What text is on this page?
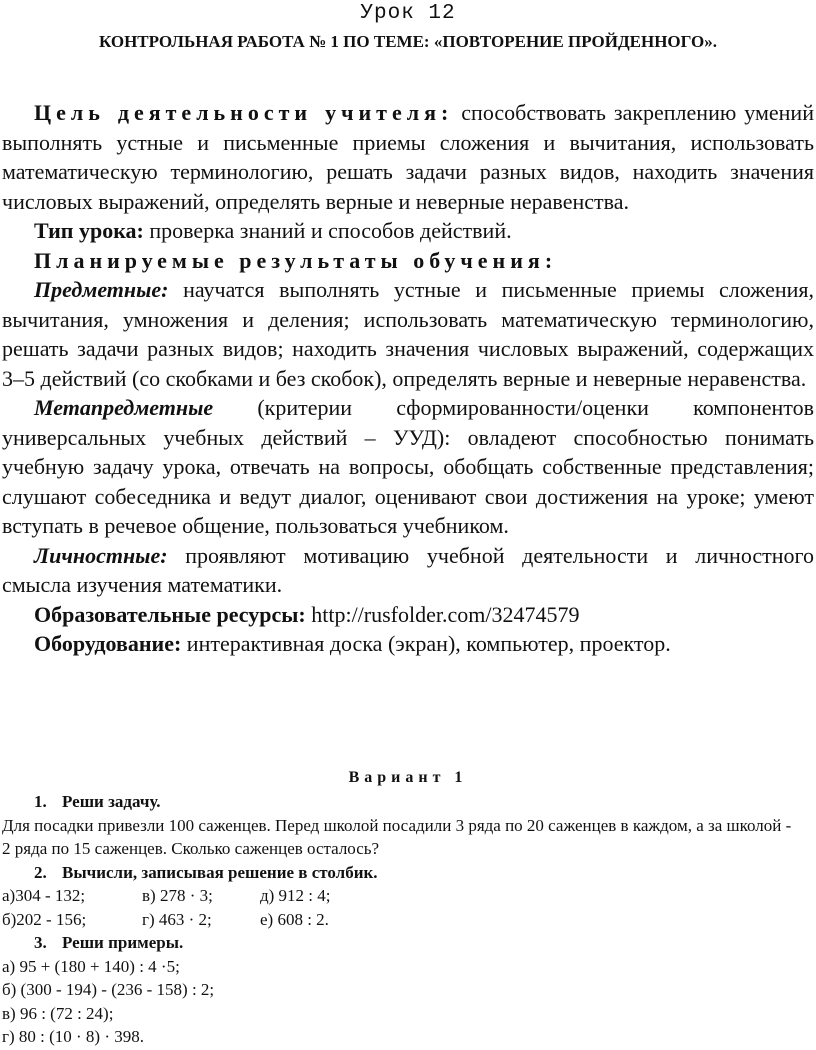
Урок 12
КОНТРОЛЬНАЯ РАБОТА № 1 ПО ТЕМЕ: «ПОВТОРЕНИЕ ПРОЙДЕННОГО».

Цель деятельности учителя: способствовать закреплению умений выполнять устные и письменные приемы сложения и вычитания, использовать математическую терминологию, решать задачи разных видов, находить значения числовых выражений, определять верные и неверные неравенства.

Тип урока: проверка знаний и способов действий.

Планируемые результаты обучения:

Предметные: научатся выполнять устные и письменные приемы сложения, вычитания, умножения и деления; использовать математическую терминологию, решать задачи разных видов; находить значения числовых выражений, содержащих 3–5 действий (со скобками и без скобок), определять верные и неверные неравенства.

Метапредметные (критерии сформированности/оценки компонентов универсальных учебных действий – УУД): овладеют способностью понимать учебную задачу урока, отвечать на вопросы, обобщать собственные представления; слушают собеседника и ведут диалог, оценивают свои достижения на уроке; умеют вступать в речевое общение, пользоваться учебником.

Личностные: проявляют мотивацию учебной деятельности и личностного смысла изучения математики.

Образовательные ресурсы: http://rusfolder.com/32474579

Оборудование: интерактивная доска (экран), компьютер, проектор.

Вариант 1

1. Реши задачу.

Для посадки привезли 100 саженцев. Перед школой посадили 3 ряда по 20 саженцев в каждом, а за школой - 2 ряда по 15 саженцев. Сколько саженцев осталось?

2. Вычисли, записывая решение в столбик.

а)304 - 132;	в) 278 · 3;	д) 912 : 4;
б)202 - 156;	г) 463 · 2;	е) 608 : 2.

3. Реши примеры.

а) 95 + (180 + 140) : 4 ·5;

б) (300 - 194) - (236 - 158) : 2;

в) 96 : (72 : 24);

г) 80 : (10 · 8) · 398.
